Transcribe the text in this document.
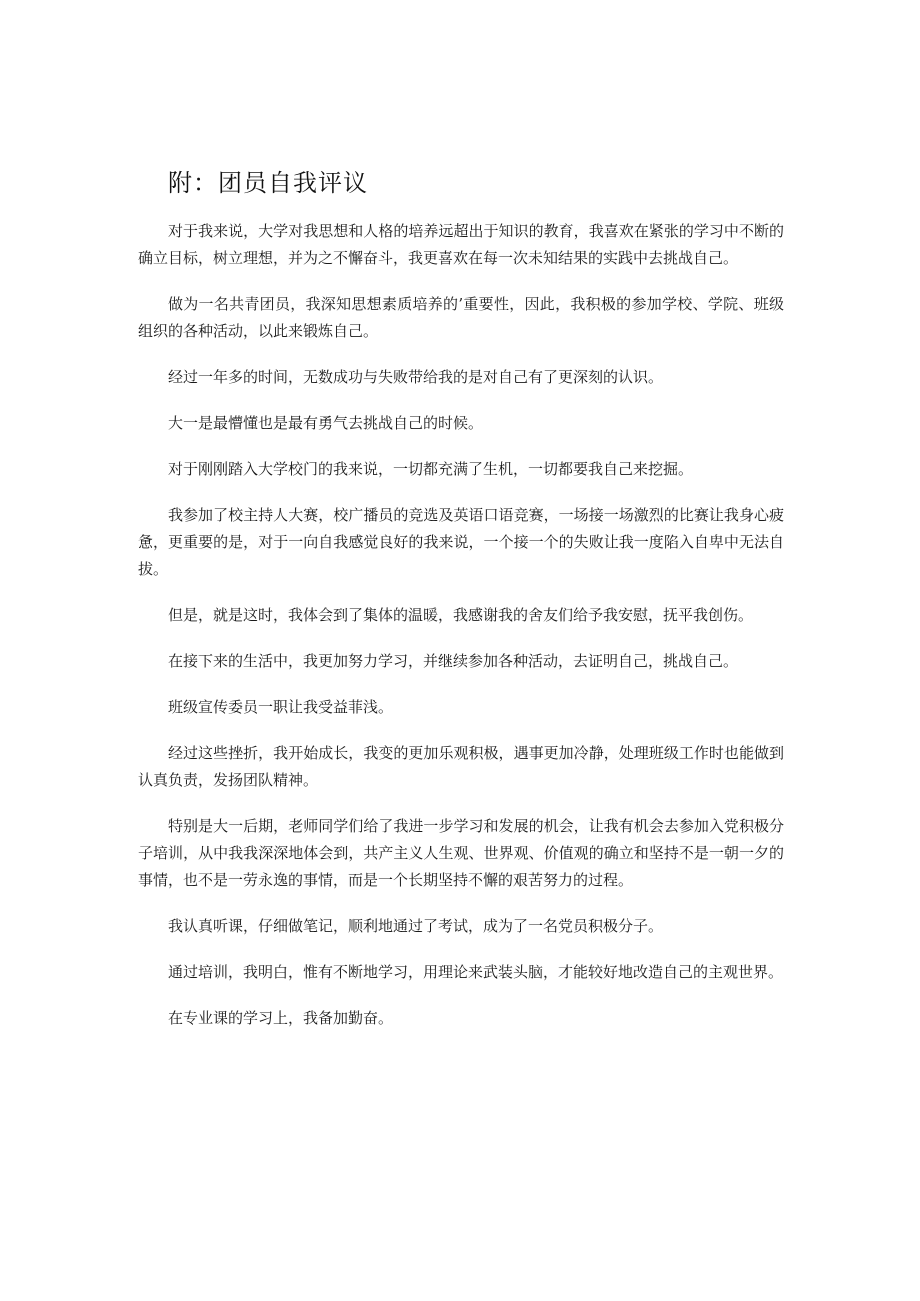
附：团员自我评议

对于我来说，大学对我思想和人格的培养远超出于知识的教育，我喜欢在紧张的学习中不断的确立目标，树立理想，并为之不懈奋斗，我更喜欢在每一次未知结果的实践中去挑战自己。

做为一名共青团员，我深知思想素质培养的’重要性，因此，我积极的参加学校、学院、班级组织的各种活动，以此来锻炼自己。

经过一年多的时间，无数成功与失败带给我的是对自己有了更深刻的认识。

大一是最懵懂也是最有勇气去挑战自己的时候。

对于刚刚踏入大学校门的我来说，一切都充满了生机，一切都要我自己来挖掘。

我参加了校主持人大赛，校广播员的竞选及英语口语竞赛，一场接一场激烈的比赛让我身心疲惫，更重要的是，对于一向自我感觉良好的我来说，一个接一个的失败让我一度陷入自卑中无法自拔。

但是，就是这时，我体会到了集体的温暖，我感谢我的舍友们给予我安慰，抚平我创伤。

在接下来的生活中，我更加努力学习，并继续参加各种活动，去证明自己，挑战自己。

班级宣传委员一职让我受益菲浅。

经过这些挫折，我开始成长，我变的更加乐观积极，遇事更加冷静，处理班级工作时也能做到认真负责，发扬团队精神。

特别是大一后期，老师同学们给了我进一步学习和发展的机会，让我有机会去参加入党积极分子培训，从中我我深深地体会到，共产主义人生观、世界观、价值观的确立和坚持不是一朝一夕的事情，也不是一劳永逸的事情，而是一个长期坚持不懈的艰苦努力的过程。

我认真听课，仔细做笔记，顺利地通过了考试，成为了一名党员积极分子。

通过培训，我明白，惟有不断地学习，用理论来武装头脑，才能较好地改造自己的主观世界。

在专业课的学习上，我备加勤奋。
